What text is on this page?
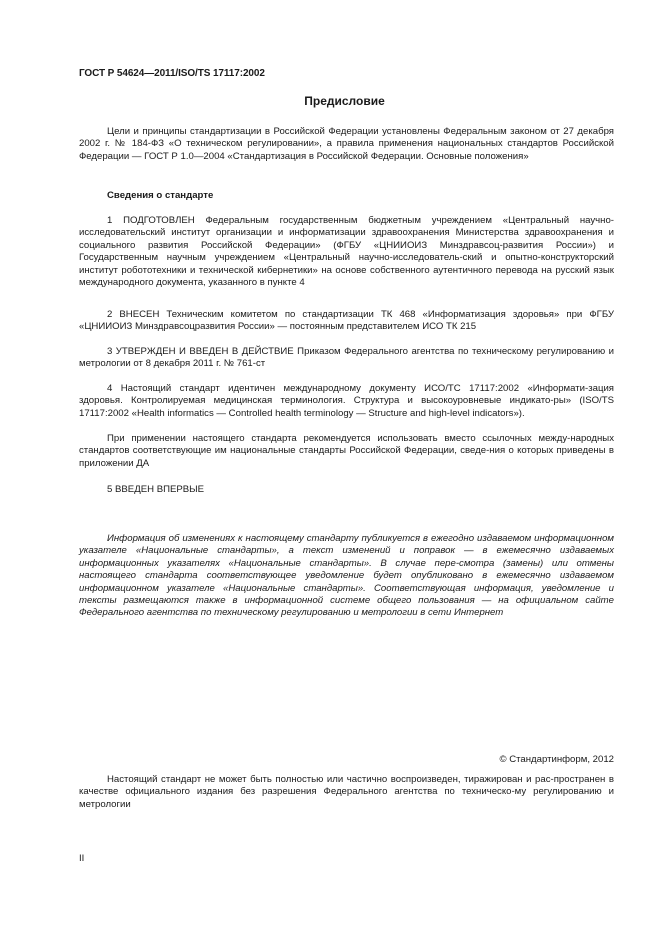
ГОСТ Р 54624—2011/ISO/TS 17117:2002
Предисловие
Цели и принципы стандартизации в Российской Федерации установлены Федеральным законом от 27 декабря 2002 г. № 184-ФЗ «О техническом регулировании», а правила применения национальных стандартов Российской Федерации — ГОСТ Р 1.0—2004 «Стандартизация в Российской Федерации. Основные положения»
Сведения о стандарте
1 ПОДГОТОВЛЕН Федеральным государственным бюджетным учреждением «Центральный научно-исследовательский институт организации и информатизации здравоохранения Министерства здравоохранения и социального развития Российской Федерации» (ФГБУ «ЦНИИОИЗ Минздравсоц-развития России») и Государственным научным учреждением «Центральный научно-исследователь-ский и опытно-конструкторский институт робототехники и технической кибернетики» на основе собственного аутентичного перевода на русский язык международного документа, указанного в пункте 4
2 ВНЕСЕН Техническим комитетом по стандартизации ТК 468 «Информатизация здоровья» при ФГБУ «ЦНИИОИЗ Минздравсоцразвития России» — постоянным представителем ИСО ТК 215
3 УТВЕРЖДЕН И ВВЕДЕН В ДЕЙСТВИЕ Приказом Федерального агентства по техническому регулированию и метрологии от 8 декабря 2011 г. № 761-ст
4 Настоящий стандарт идентичен международному документу ИСО/ТС 17117:2002 «Информати-зация здоровья. Контролируемая медицинская терминология. Структура и высокоуровневые индикато-ры» (ISO/TS 17117:2002 «Health informatics — Controlled health terminology — Structure and high-level indicators»).
При применении настоящего стандарта рекомендуется использовать вместо ссылочных между-народных стандартов соответствующие им национальные стандарты Российской Федерации, сведе-ния о которых приведены в приложении ДА
5 ВВЕДЕН ВПЕРВЫЕ
Информация об изменениях к настоящему стандарту публикуется в ежегодно издаваемом информационном указателе «Национальные стандарты», а текст изменений и поправок — в ежемесячно издаваемых информационных указателях «Национальные стандарты». В случае пере-смотра (замены) или отмены настоящего стандарта соответствующее уведомление будет опубликовано в ежемесячно издаваемом информационном указателе «Национальные стандарты». Соответствующая информация, уведомление и тексты размещаются также в информационной системе общего пользования — на официальном сайте Федерального агентства по техническому регулированию и метрологии в сети Интернет
© Стандартинформ, 2012
Настоящий стандарт не может быть полностью или частично воспроизведен, тиражирован и рас-пространен в качестве официального издания без разрешения Федерального агентства по техническо-му регулированию и метрологии
II
